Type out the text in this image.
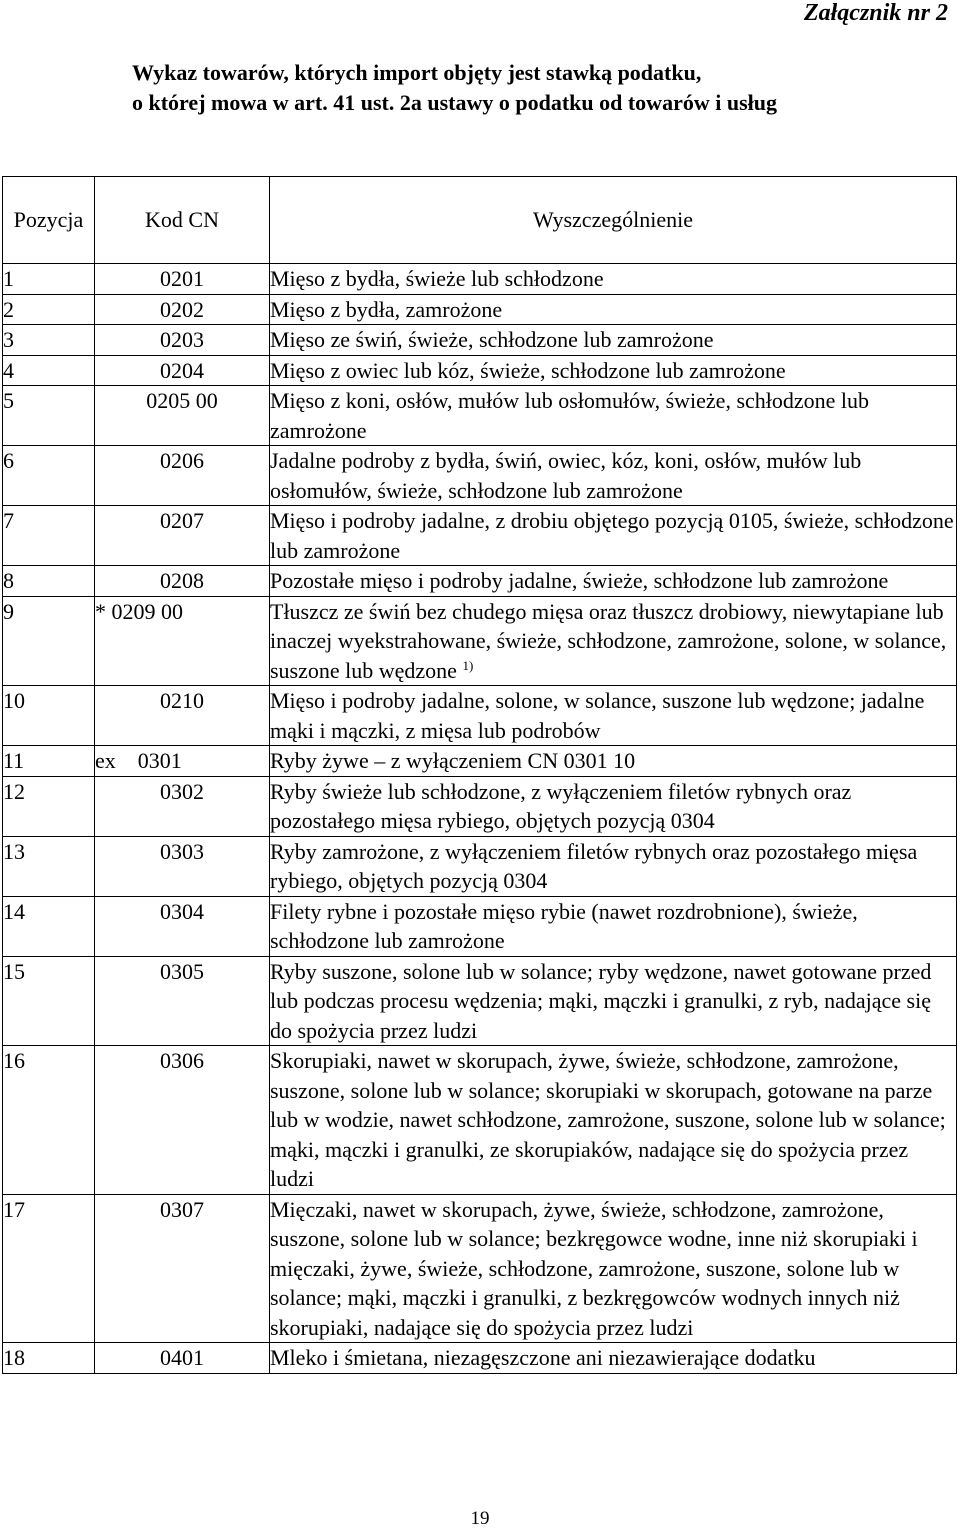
Załącznik nr 2
Wykaz towarów, których import objęty jest stawką podatku,
o której mowa w art. 41 ust. 2a ustawy o podatku od towarów i usług
Pozycja	Kod CN	Wyszczególnienie
1	0201	Mięso z bydła, świeże lub schłodzone
2	0202	Mięso z bydła, zamrożone
3	0203	Mięso ze świń, świeże, schłodzone lub zamrożone
4	0204	Mięso z owiec lub kóz, świeże, schłodzone lub zamrożone
5	0205 00	Mięso z koni, osłów, mułów lub osłomułów, świeże, schłodzone lub zamrożone
6	0206	Jadalne podroby z bydła, świń, owiec, kóz, koni, osłów, mułów lub osłomułów, świeże, schłodzone lub zamrożone
7	0207	Mięso i podroby jadalne, z drobiu objętego pozycją 0105, świeże, schłodzone lub zamrożone
8	0208	Pozostałe mięso i podroby jadalne, świeże, schłodzone lub zamrożone
9	* 0209 00	Tłuszcz ze świń bez chudego mięsa oraz tłuszcz drobiowy, niewytapiane lub inaczej wyekstrahowane, świeże, schłodzone, zamrożone, solone, w solance, suszone lub wędzone $^{1)}$
10	0210	Mięso i podroby jadalne, solone, w solance, suszone lub wędzone; jadalne mąki i mączki, z mięsa lub podrobów
11	ex    0301	Ryby żywe – z wyłączeniem CN 0301 10
12	0302	Ryby świeże lub schłodzone, z wyłączeniem filetów rybnych oraz pozostałego mięsa rybiego, objętych pozycją 0304
13	0303	Ryby zamrożone, z wyłączeniem filetów rybnych oraz pozostałego mięsa rybiego, objętych pozycją 0304
14	0304	Filety rybne i pozostałe mięso rybie (nawet rozdrobnione), świeże, schłodzone lub zamrożone
15	0305	Ryby suszone, solone lub w solance; ryby wędzone, nawet gotowane przed lub podczas procesu wędzenia; mąki, mączki i granulki, z ryb, nadające się do spożycia przez ludzi
16	0306	Skorupiaki, nawet w skorupach, żywe, świeże, schłodzone, zamrożone, suszone, solone lub w solance; skorupiaki w skorupach, gotowane na parze lub w wodzie, nawet schłodzone, zamrożone, suszone, solone lub w solance; mąki, mączki i granulki, ze skorupiaków, nadające się do spożycia przez ludzi
17	0307	Mięczaki, nawet w skorupach, żywe, świeże, schłodzone, zamrożone, suszone, solone lub w solance; bezkręgowce wodne, inne niż skorupiaki i mięczaki, żywe, świeże, schłodzone, zamrożone, suszone, solone lub w solance; mąki, mączki i granulki, z bezkręgowców wodnych innych niż skorupiaki, nadające się do spożycia przez ludzi
18	0401	Mleko i śmietana, niezagęszczone ani niezawierające dodatku
19
